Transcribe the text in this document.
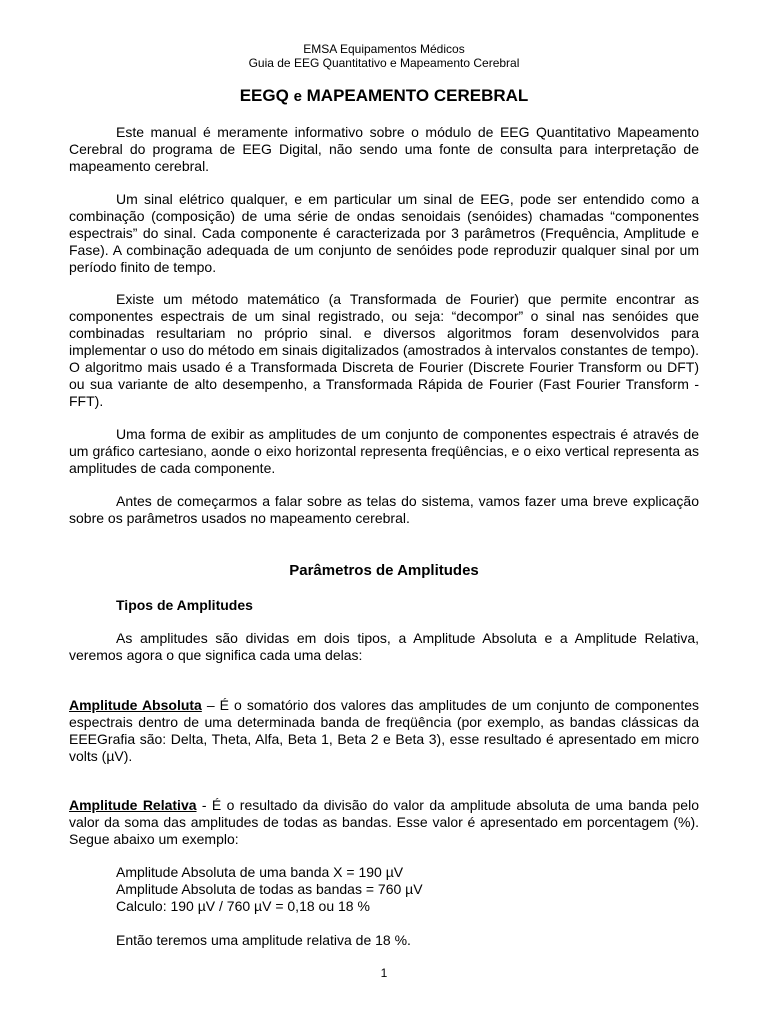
EMSA Equipamentos Médicos
Guia de EEG Quantitativo e Mapeamento Cerebral
EEGQ e MAPEAMENTO CEREBRAL
Este manual é meramente informativo sobre o módulo de EEG Quantitativo Mapeamento Cerebral do programa de EEG Digital, não sendo uma fonte de consulta para interpretação de mapeamento cerebral.
Um sinal elétrico qualquer, e em particular um sinal de EEG, pode ser entendido como a combinação (composição) de uma série de ondas senoidais (senóides) chamadas “componentes espectrais” do sinal. Cada componente é caracterizada por 3 parâmetros (Frequência, Amplitude e Fase). A combinação adequada de um conjunto de senóides pode reproduzir qualquer sinal por um período finito de tempo.
Existe um método matemático (a Transformada de Fourier) que permite encontrar as componentes espectrais de um sinal registrado, ou seja: “decompor” o sinal nas senóides que combinadas resultariam no próprio sinal. e diversos algoritmos foram desenvolvidos para implementar o uso do método em sinais digitalizados (amostrados à intervalos constantes de tempo). O algoritmo mais usado é a Transformada Discreta de Fourier (Discrete Fourier Transform ou DFT) ou sua variante de alto desempenho, a Transformada Rápida de Fourier (Fast Fourier Transform - FFT).
Uma forma de exibir as amplitudes de um conjunto de componentes espectrais é através de um gráfico cartesiano, aonde o eixo horizontal representa freqüências, e o eixo vertical representa as amplitudes de cada componente.
Antes de começarmos a falar sobre as telas do sistema, vamos fazer uma breve explicação sobre os parâmetros usados no mapeamento cerebral.
Parâmetros de Amplitudes
Tipos de Amplitudes
As amplitudes são dividas em dois tipos, a Amplitude Absoluta e a Amplitude Relativa, veremos agora o que significa cada uma delas:
Amplitude Absoluta – É o somatório dos valores das amplitudes de um conjunto de componentes espectrais dentro de uma determinada banda de freqüência (por exemplo, as bandas clássicas da EEEGrafia são: Delta, Theta, Alfa, Beta 1, Beta 2 e Beta 3), esse resultado é apresentado em micro volts (µV).
Amplitude Relativa - É o resultado da divisão do valor da amplitude absoluta de uma banda pelo valor da soma das amplitudes de todas as bandas. Esse valor é apresentado em porcentagem (%). Segue abaixo um exemplo:
Amplitude Absoluta de uma banda X = 190 µV
Amplitude Absoluta de todas as bandas = 760 µV
Calculo: 190 µV / 760 µV = 0,18 ou 18 %
Então teremos uma amplitude relativa de 18 %.
1
